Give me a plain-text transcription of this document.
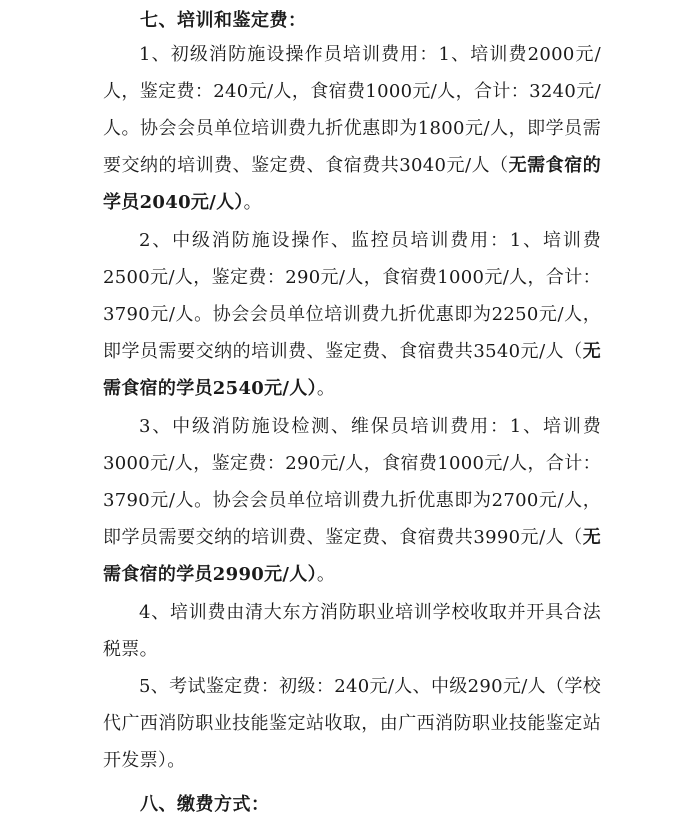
七、培训和鉴定费：

1、初级消防施设操作员培训费用：1、培训费2000元/人，鉴定费：240元/人，食宿费1000元/人，合计：3240元/人。协会会员单位培训费九折优惠即为1800元/人，即学员需要交纳的培训费、鉴定费、食宿费共3040元/人（无需食宿的学员2040元/人）。

2、中级消防施设操作、监控员培训费用：1、培训费2500元/人，鉴定费：290元/人，食宿费1000元/人，合计：3790元/人。协会会员单位培训费九折优惠即为2250元/人，即学员需要交纳的培训费、鉴定费、食宿费共3540元/人（无需食宿的学员2540元/人）。

3、中级消防施设检测、维保员培训费用：1、培训费3000元/人，鉴定费：290元/人，食宿费1000元/人，合计：3790元/人。协会会员单位培训费九折优惠即为2700元/人，即学员需要交纳的培训费、鉴定费、食宿费共3990元/人（无需食宿的学员2990元/人）。

4、培训费由清大东方消防职业培训学校收取并开具合法税票。

5、考试鉴定费：初级：240元/人、中级290元/人（学校代广西消防职业技能鉴定站收取，由广西消防职业技能鉴定站开发票）。

八、缴费方式：
